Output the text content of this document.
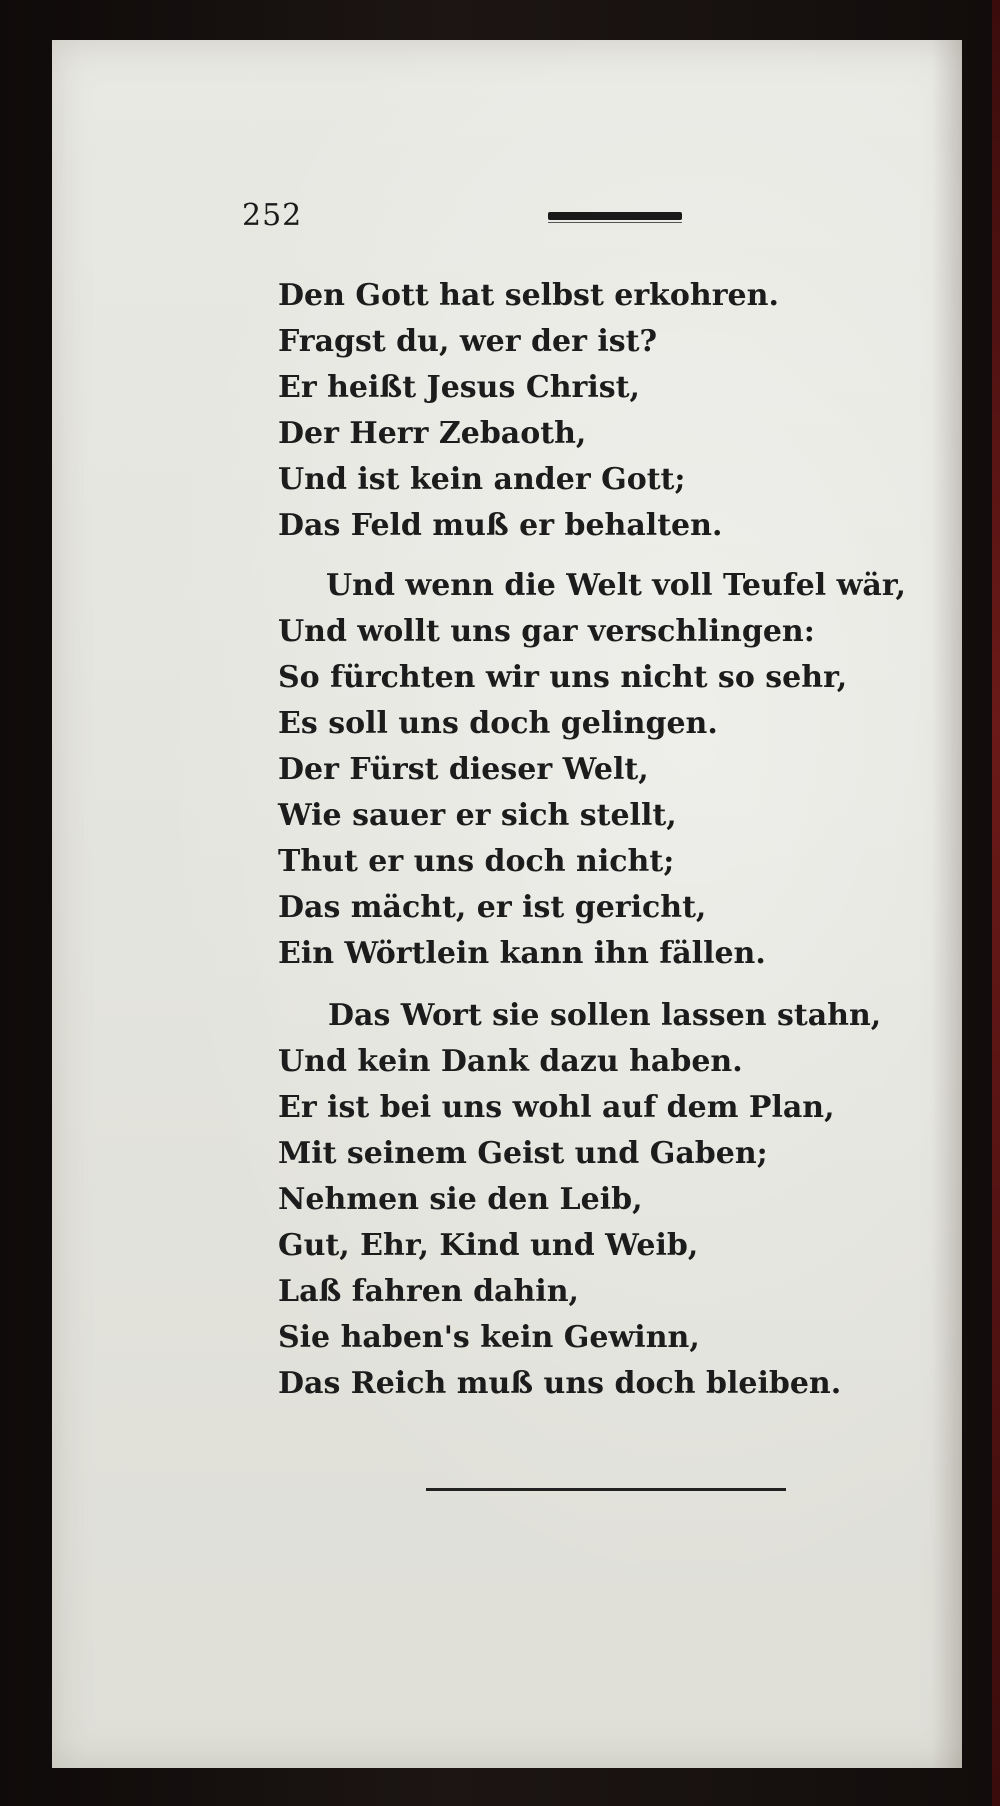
252
Den Gott hat selbst erkohren.
Fragst du, wer der ist?
Er heißt Jesus Christ,
Der Herr Zebaoth,
Und ist kein ander Gott;
Das Feld muß er behalten.
Und wenn die Welt voll Teufel wär,
Und wollt uns gar verschlingen:
So fürchten wir uns nicht so sehr,
Es soll uns doch gelingen.
Der Fürst dieser Welt,
Wie sauer er sich stellt,
Thut er uns doch nicht;
Das mächt, er ist gericht,
Ein Wörtlein kann ihn fällen.
Das Wort sie sollen lassen stahn,
Und kein Dank dazu haben.
Er ist bei uns wohl auf dem Plan,
Mit seinem Geist und Gaben;
Nehmen sie den Leib,
Gut, Ehr, Kind und Weib,
Laß fahren dahin,
Sie haben's kein Gewinn,
Das Reich muß uns doch bleiben.
